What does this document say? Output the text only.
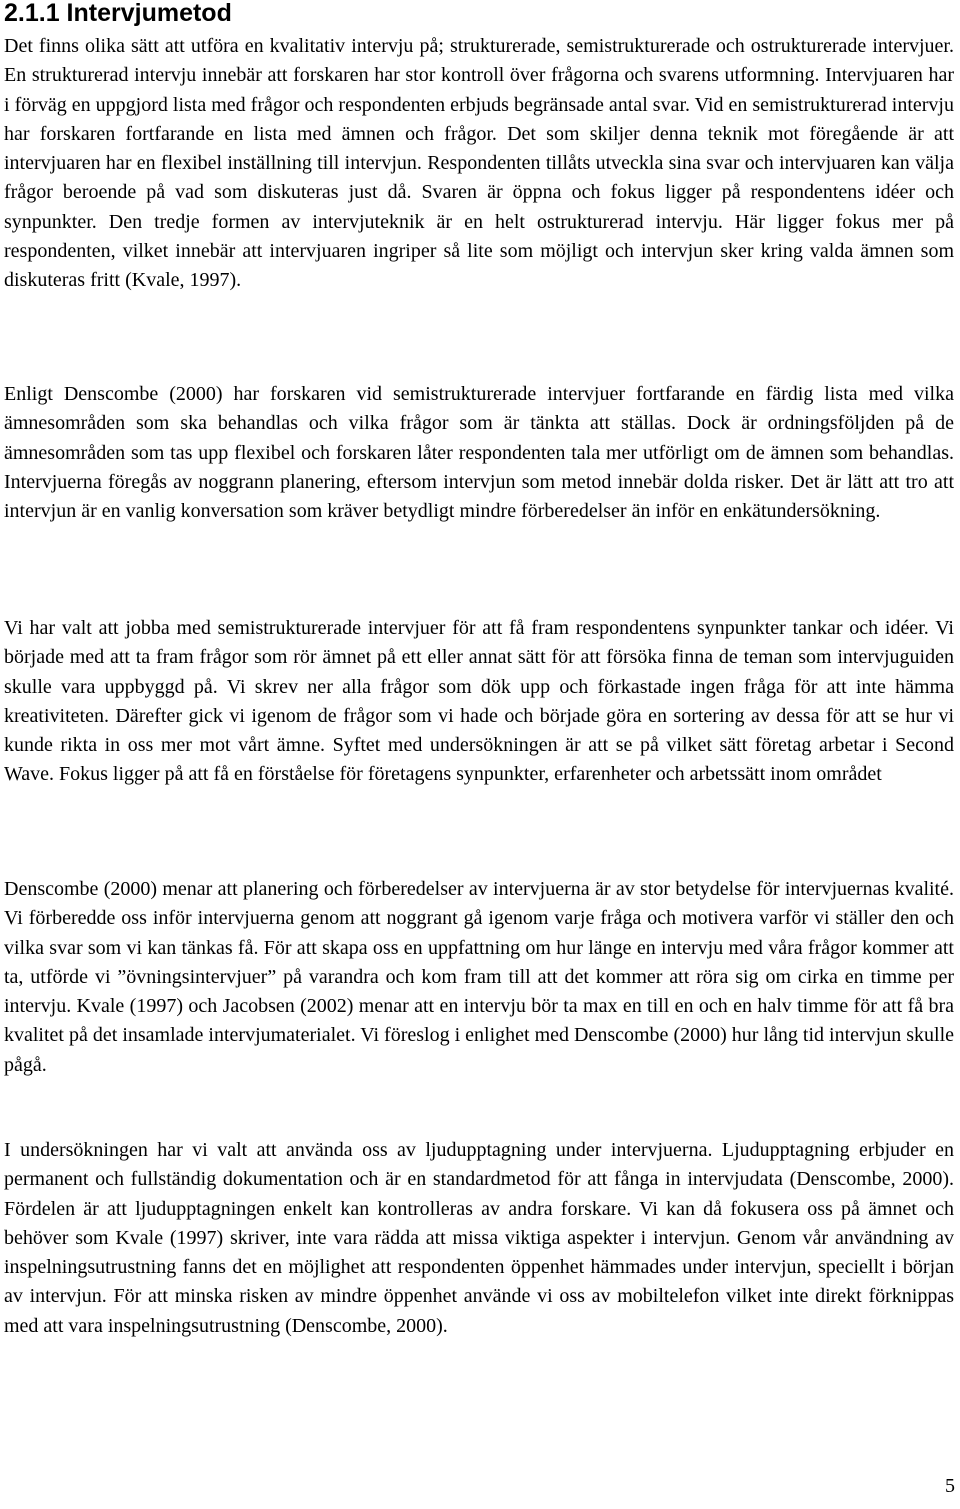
2.1.1 Intervjumetod

Det finns olika sätt att utföra en kvalitativ intervju på; strukturerade, semistrukturerade och ostrukturerade intervjuer. En strukturerad intervju innebär att forskaren har stor kontroll över frågorna och svarens utformning. Intervjuaren har i förväg en uppgjord lista med frågor och respondenten erbjuds begränsade antal svar. Vid en semistrukturerad intervju har forskaren fortfarande en lista med ämnen och frågor. Det som skiljer denna teknik mot föregående är att intervjuaren har en flexibel inställning till intervjun. Respondenten tillåts utveckla sina svar och intervjuaren kan välja frågor beroende på vad som diskuteras just då. Svaren är öppna och fokus ligger på respondentens idéer och synpunkter. Den tredje formen av intervjuteknik är en helt ostrukturerad intervju. Här ligger fokus mer på respondenten, vilket innebär att intervjuaren ingriper så lite som möjligt och intervjun sker kring valda ämnen som diskuteras fritt (Kvale, 1997).

Enligt Denscombe (2000) har forskaren vid semistrukturerade intervjuer fortfarande en färdig lista med vilka ämnesområden som ska behandlas och vilka frågor som är tänkta att ställas. Dock är ordningsföljden på de ämnesområden som tas upp flexibel och forskaren låter respondenten tala mer utförligt om de ämnen som behandlas. Intervjuerna föregås av noggrann planering, eftersom intervjun som metod innebär dolda risker. Det är lätt att tro att intervjun är en vanlig konversation som kräver betydligt mindre förberedelser än inför en enkätundersökning.

Vi har valt att jobba med semistrukturerade intervjuer för att få fram respondentens synpunkter tankar och idéer. Vi började med att ta fram frågor som rör ämnet på ett eller annat sätt för att försöka finna de teman som intervjuguiden skulle vara uppbyggd på. Vi skrev ner alla frågor som dök upp och förkastade ingen fråga för att inte hämma kreativiteten. Därefter gick vi igenom de frågor som vi hade och började göra en sortering av dessa för att se hur vi kunde rikta in oss mer mot vårt ämne. Syftet med undersökningen är att se på vilket sätt företag arbetar i Second Wave. Fokus ligger på att få en förståelse för företagens synpunkter, erfarenheter och arbetssätt inom området

Denscombe (2000) menar att planering och förberedelser av intervjuerna är av stor betydelse för intervjuernas kvalité. Vi förberedde oss inför intervjuerna genom att noggrant gå igenom varje fråga och motivera varför vi ställer den och vilka svar som vi kan tänkas få. För att skapa oss en uppfattning om hur länge en intervju med våra frågor kommer att ta, utförde vi ”övningsintervjuer” på varandra och kom fram till att det kommer att röra sig om cirka en timme per intervju. Kvale (1997) och Jacobsen (2002) menar att en intervju bör ta max en till en och en halv timme för att få bra kvalitet på det insamlade intervjumaterialet. Vi föreslog i enlighet med Denscombe (2000) hur lång tid intervjun skulle pågå.

I undersökningen har vi valt att använda oss av ljudupptagning under intervjuerna. Ljudupptagning erbjuder en permanent och fullständig dokumentation och är en standardmetod för att fånga in intervjudata (Denscombe, 2000). Fördelen är att ljudupptagningen enkelt kan kontrolleras av andra forskare. Vi kan då fokusera oss på ämnet och behöver som Kvale (1997) skriver, inte vara rädda att missa viktiga aspekter i intervjun. Genom vår användning av inspelningsutrustning fanns det en möjlighet att respondenten öppenhet hämmades under intervjun, speciellt i början av intervjun. För att minska risken av mindre öppenhet använde vi oss av mobiltelefon vilket inte direkt förknippas med att vara inspelningsutrustning (Denscombe, 2000).

5
